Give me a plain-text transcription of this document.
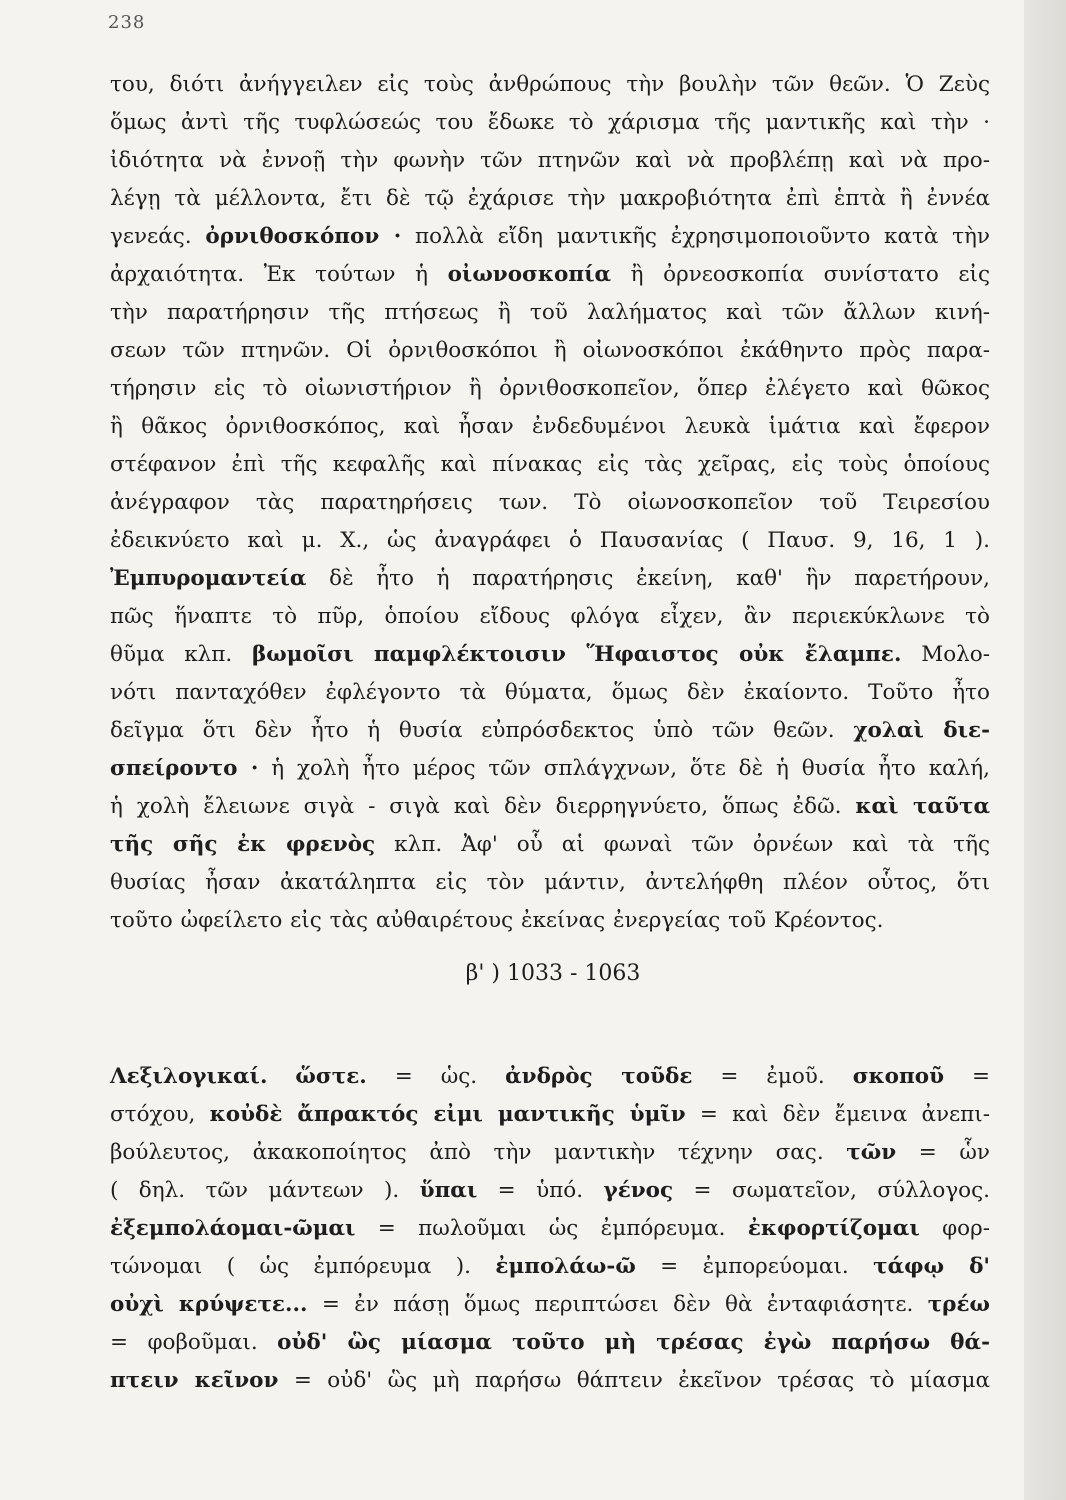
238
του, διότι ἀνήγγειλεν εἰς τοὺς ἀνθρώπους τὴν βουλὴν τῶν θεῶν. Ὁ Ζεὺς
ὅμως ἀντὶ τῆς τυφλώσεώς του ἔδωκε τὸ χάρισμα τῆς μαντικῆς καὶ τὴν ·
ἰδιότητα νὰ ἐννοῇ τὴν φωνὴν τῶν πτηνῶν καὶ νὰ προβλέπῃ καὶ νὰ προ-
λέγῃ τὰ μέλλοντα, ἔτι δὲ τῷ ἐχάρισε τὴν μακροβιότητα ἐπὶ ἑπτὰ ἢ ἐννέα
γενεάς. ὀρνιθοσκόπον · πολλὰ εἴδη μαντικῆς ἐχρησιμοποιοῦντο κατὰ τὴν
ἀρχαιότητα. Ἐκ τούτων ἡ οἰωνοσκοπία ἢ ὀρνεοσκοπία συνίστατο εἰς
τὴν παρατήρησιν τῆς πτήσεως ἢ τοῦ λαλήματος καὶ τῶν ἄλλων κινή-
σεων τῶν πτηνῶν. Οἱ ὀρνιθοσκόποι ἢ οἰωνοσκόποι ἐκάθηντο πρὸς παρα-
τήρησιν εἰς τὸ οἰωνιστήριον ἢ ὀρνιθοσκοπεῖον, ὅπερ ἐλέγετο καὶ θῶκος
ἢ θᾶκος ὀρνιθοσκόπος, καὶ ἦσαν ἐνδεδυμένοι λευκὰ ἱμάτια καὶ ἔφερον
στέφανον ἐπὶ τῆς κεφαλῆς καὶ πίνακας εἰς τὰς χεῖρας, εἰς τοὺς ὁποίους
ἀνέγραφον τὰς παρατηρήσεις των. Τὸ οἰωνοσκοπεῖον τοῦ Τειρεσίου
ἐδεικνύετο καὶ μ. Χ., ὡς ἀναγράφει ὁ Παυσανίας ( Παυσ. 9, 16, 1 ).
Ἐμπυρομαντεία δὲ ἦτο ἡ παρατήρησις ἐκείνη, καθ' ἣν παρετήρουν,
πῶς ἥναπτε τὸ πῦρ, ὁποίου εἴδους φλόγα εἶχεν, ἂν περιεκύκλωνε τὸ
θῦμα κλπ. βωμοῖσι παμφλέκτοισιν Ἥφαιστος οὐκ ἔλαμπε. Μολο-
νότι πανταχόθεν ἐφλέγοντο τὰ θύματα, ὅμως δὲν ἐκαίοντο. Τοῦτο ἦτο
δεῖγμα ὅτι δὲν ἦτο ἡ θυσία εὐπρόσδεκτος ὑπὸ τῶν θεῶν. χολαὶ διε-
σπείροντο · ἡ χολὴ ἦτο μέρος τῶν σπλάγχνων, ὅτε δὲ ἡ θυσία ἦτο καλή,
ἡ χολὴ ἔλειωνε σιγὰ - σιγὰ καὶ δὲν διερρηγνύετο, ὅπως ἐδῶ. καὶ ταῦτα
τῆς σῆς ἐκ φρενὸς κλπ. Ἀφ' οὗ αἱ φωναὶ τῶν ὀρνέων καὶ τὰ τῆς
θυσίας ἦσαν ἀκατάληπτα εἰς τὸν μάντιν, ἀντελήφθη πλέον οὗτος, ὅτι
τοῦτο ὠφείλετο εἰς τὰς αὐθαιρέτους ἐκείνας ἐνεργείας τοῦ Κρέοντος.
β' ) 1033 - 1063
Λεξιλογικαί. ὥστε. = ὡς. ἀνδρὸς τοῦδε = ἐμοῦ. σκοποῦ =
στόχου, κοὐδὲ ἄπρακτός εἰμι μαντικῆς ὑμῖν = καὶ δὲν ἔμεινα ἀνεπι-
βούλευτος, ἀκακοποίητος ἀπὸ τὴν μαντικὴν τέχνην σας. τῶν = ὧν
( δηλ. τῶν μάντεων ). ὕπαι = ὑπό. γένος = σωματεῖον, σύλλογος.
ἐξεμπολάομαι-ῶμαι = πωλοῦμαι ὡς ἐμπόρευμα. ἐκφορτίζομαι φορ-
τώνομαι ( ὡς ἐμπόρευμα ). ἐμπολάω-ῶ = ἐμπορεύομαι. τάφῳ δ'
οὐχὶ κρύψετε... = ἐν πάσῃ ὅμως περιπτώσει δὲν θὰ ἐνταφιάσητε. τρέω
= φοβοῦμαι. οὐδ' ὣς μίασμα τοῦτο μὴ τρέσας ἐγὼ παρήσω θά-
πτειν κεῖνον = οὐδ' ὣς μὴ παρήσω θάπτειν ἐκεῖνον τρέσας τὸ μίασμα
